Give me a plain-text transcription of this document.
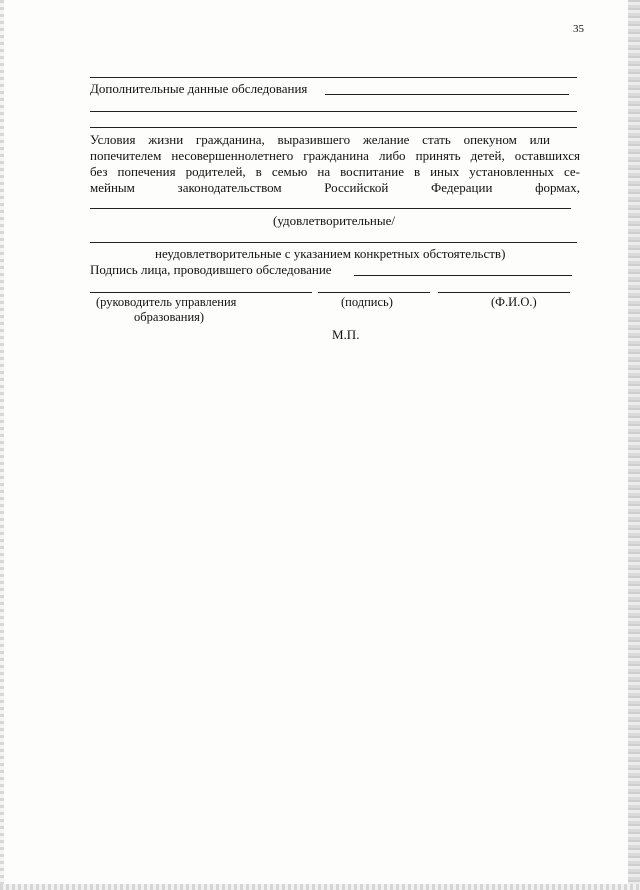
35
Дополнительные данные обследования
Условия жизни гражданина, выразившего желание стать опекуном или
попечителем несовершеннолетнего гражданина либо принять детей, оставшихся
без попечения родителей, в семью на воспитание в иных установленных се-
мейным законодательством Российской Федерации формах,
(удовлетворительные/
неудовлетворительные с указанием конкретных обстоятельств)
Подпись лица, проводившего обследование
(руководитель управления
образования)
(подпись)	(Ф.И.О.)
М.П.
